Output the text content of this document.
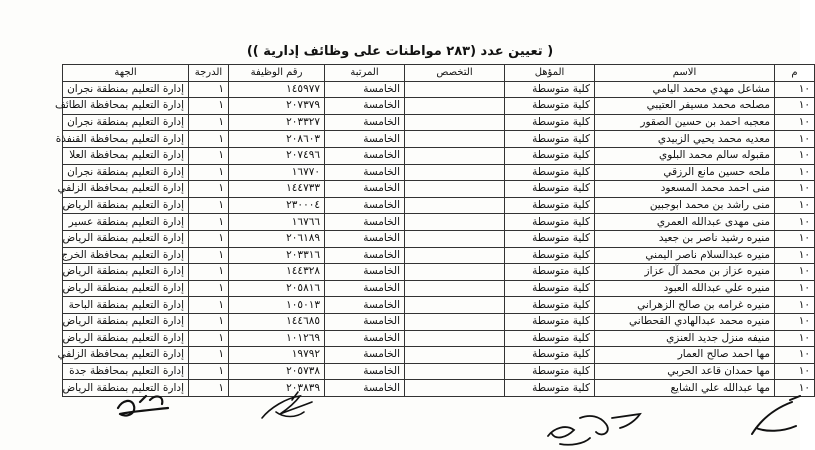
( تعيين عدد (٢٨٣ مواطنات على وظائف إدارية ))
م	الاسم	المؤهل	التخصص	المرتبة	رقم الوظيفة	الدرجة	الجهة
١٠	مشاعل مهدي محمد اليامي	كلية متوسطة		الخامسة	١٤٥٩٧٧	١	إدارة التعليم بمنطقة نجران
١٠	مصلحه محمد مسيفر العتيبي	كلية متوسطة		الخامسة	٢٠٧٣٧٩	١	إدارة التعليم بمحافظة الطائف
١٠	معجبه احمد بن حسين الصقور	كلية متوسطة		الخامسة	٢٠٣٣٢٧	١	إدارة التعليم بمنطقة نجران
١٠	معديه محمد يحيي الزبيدي	كلية متوسطة		الخامسة	٢٠٨٦٠٣	١	إدارة التعليم بمحافظة القنفذة
١٠	مقبوله سالم محمد البلوي	كلية متوسطة		الخامسة	٢٠٧٤٩٦	١	إدارة التعليم بمحافظة العلا
١٠	ملحه حسين مانع الرزقي	كلية متوسطة		الخامسة	١٦٧٧٠	١	إدارة التعليم بمنطقة نجران
١٠	منى احمد محمد المسعود	كلية متوسطة		الخامسة	١٤٤٧٣٣	١	إدارة التعليم بمحافظة الزلفي
١٠	منى راشد بن محمد ابوجبين	كلية متوسطة		الخامسة	٢٣٠٠٠٤	١	إدارة التعليم بمنطقة الرياض
١٠	منى مهدى عبدالله العمري	كلية متوسطة		الخامسة	١٦٧٦٦	١	إدارة التعليم بمنطقة عسير
١٠	منيره رشيد ناصر بن جعيد	كلية متوسطة		الخامسة	٢٠٦١٨٩	١	إدارة التعليم بمنطقة الرياض
١٠	منيره عبدالسلام ناصر اليمني	كلية متوسطة		الخامسة	٢٠٣٣١٦	١	إدارة التعليم بمحافظة الخرج
١٠	منيره عزاز بن محمد آل عزاز	كلية متوسطة		الخامسة	١٤٤٣٢٨	١	إدارة التعليم بمنطقة الرياض
١٠	منيره علي عبدالله العبود	كلية متوسطة		الخامسة	٢٠٥٨١٦	١	إدارة التعليم بمنطقة الرياض
١٠	منيره غرامه بن صالح الزهراني	كلية متوسطة		الخامسة	١٠٥٠١٣	١	إدارة التعليم بمنطقة الباحة
١٠	منيره محمد عبدالهادي القحطاني	كلية متوسطة		الخامسة	١٤٤٦٨٥	١	إدارة التعليم بمنطقة الرياض
١٠	منيفه منزل جديد العنزي	كلية متوسطة		الخامسة	١٠١٢٦٩	١	إدارة التعليم بمنطقة الرياض
١٠	مها احمد صالح العمار	كلية متوسطة		الخامسة	١٩٧٩٢	١	إدارة التعليم بمحافظة الزلفي
١٠	مها حمدان قاعد الحربي	كلية متوسطة		الخامسة	٢٠٥٧٣٨	١	إدارة التعليم بمحافظة جدة
١٠	مها عبدالله علي الشايع	كلية متوسطة		الخامسة	٢٠٣٨٣٩	١	إدارة التعليم بمنطقة الرياض
